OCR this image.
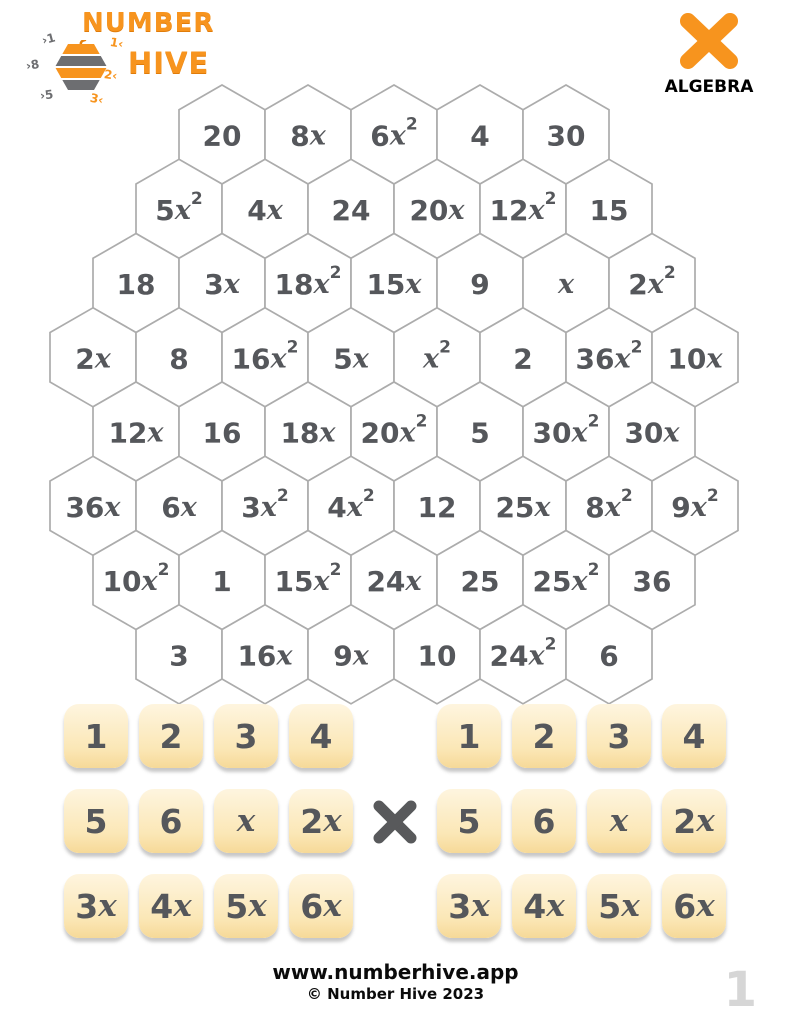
NUMBER
HIVE
›1	1‹
›8
2‹
›5	3‹
ALGEBRA
20 8x $6x^2$ 4 30
$5x^2$ 4x 24 20x $12x^2$ 15
18 3x $18x^2$ 15x 9	x $2x^2$
2x 8 $16x^2$ 5x $x^2$ 2 $36x^2$ 10x
12x 16 18x $20x^2$ 5 $30x^2$ 30x
36x 6x $3x^2$ $4x^2$ 12 25x $8x^2$ $9x^2$
$10x^2$ 1 $15x^2$ 24x 25 $25x^2$ 36
3 16x 9x 10 $24x^2$ 6
1 2 3 4
5 6 x 2 x
3 x 4 x 5 x 6 x
1 2 3 4
5 6 x 2 x
3 x 4 x 5 x 6 x
www.numberhive.app
© Number Hive 2023	1
